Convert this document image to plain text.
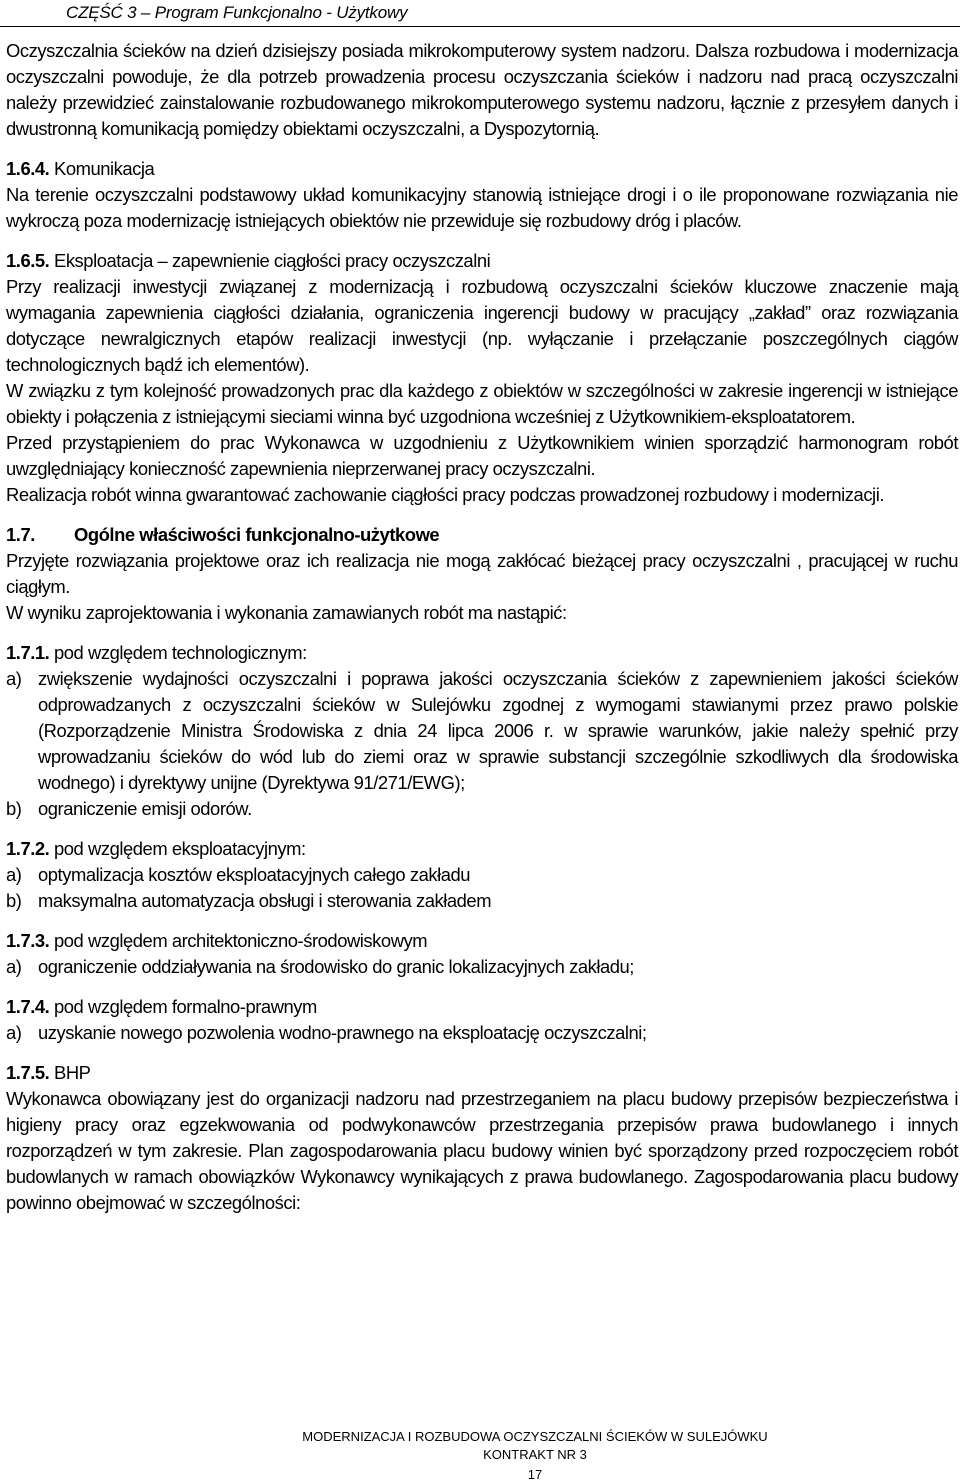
CZĘŚĆ 3 – Program Funkcjonalno - Użytkowy

Oczyszczalnia ścieków na dzień dzisiejszy posiada mikrokomputerowy system nadzoru. Dalsza rozbudowa i modernizacja oczyszczalni powoduje, że dla potrzeb prowadzenia procesu oczyszczania ścieków i nadzoru nad pracą oczyszczalni należy przewidzieć zainstalowanie rozbudowanego mikrokomputerowego systemu nadzoru, łącznie z przesyłem danych i dwustronną komunikacją pomiędzy obiektami oczyszczalni, a Dyspozytornią.

1.6.4. Komunikacja

Na terenie oczyszczalni podstawowy układ komunikacyjny stanowią istniejące drogi i o ile proponowane rozwiązania nie wykroczą poza modernizację istniejących obiektów nie przewiduje się rozbudowy dróg i placów.

1.6.5. Eksploatacja – zapewnienie ciągłości pracy oczyszczalni

Przy realizacji inwestycji związanej z modernizacją i rozbudową oczyszczalni ścieków kluczowe znaczenie mają wymagania zapewnienia ciągłości działania, ograniczenia ingerencji budowy w pracujący „zakład” oraz rozwiązania dotyczące newralgicznych etapów realizacji inwestycji (np. wyłączanie i przełączanie poszczególnych ciągów technologicznych bądź ich elementów).

W związku z tym kolejność prowadzonych prac dla każdego z obiektów w szczególności w zakresie ingerencji w istniejące obiekty i połączenia z istniejącymi sieciami winna być uzgodniona wcześniej z Użytkownikiem-eksploatatorem.

Przed przystąpieniem do prac Wykonawca w uzgodnieniu z Użytkownikiem winien sporządzić harmonogram robót uwzględniający konieczność zapewnienia nieprzerwanej pracy oczyszczalni.

Realizacja robót winna gwarantować zachowanie ciągłości pracy podczas prowadzonej rozbudowy i modernizacji.

1.7. Ogólne właściwości funkcjonalno-użytkowe

Przyjęte rozwiązania projektowe oraz ich realizacja nie mogą zakłócać bieżącej pracy oczyszczalni , pracującej w ruchu ciągłym.

W wyniku zaprojektowania i wykonania zamawianych robót ma nastąpić:

1.7.1. pod względem technologicznym:

a) zwiększenie wydajności oczyszczalni i poprawa jakości oczyszczania ścieków z zapewnieniem jakości ścieków odprowadzanych z oczyszczalni ścieków w Sulejówku zgodnej z wymogami stawianymi przez prawo polskie (Rozporządzenie Ministra Środowiska z dnia 24 lipca 2006 r. w sprawie warunków, jakie należy spełnić przy wprowadzaniu ścieków do wód lub do ziemi oraz w sprawie substancji szczególnie szkodliwych dla środowiska wodnego) i dyrektywy unijne (Dyrektywa 91/271/EWG);

b) ograniczenie emisji odorów.

1.7.2. pod względem eksploatacyjnym:

a) optymalizacja kosztów eksploatacyjnych całego zakładu

b) maksymalna automatyzacja obsługi i sterowania zakładem

1.7.3. pod względem architektoniczno-środowiskowym

a) ograniczenie oddziaływania na środowisko do granic lokalizacyjnych zakładu;

1.7.4. pod względem formalno-prawnym

a) uzyskanie nowego pozwolenia wodno-prawnego na eksploatację oczyszczalni;

1.7.5. BHP

Wykonawca obowiązany jest do organizacji nadzoru nad przestrzeganiem na placu budowy przepisów bezpieczeństwa i higieny pracy oraz egzekwowania od podwykonawców przestrzegania przepisów prawa budowlanego i innych rozporządzeń w tym zakresie. Plan zagospodarowania placu budowy winien być sporządzony przed rozpoczęciem robót budowlanych w ramach obowiązków Wykonawcy wynikających z prawa budowlanego. Zagospodarowania placu budowy powinno obejmować w szczególności:

MODERNIZACJA I ROZBUDOWA OCZYSZCZALNI ŚCIEKÓW W SULEJÓWKU
KONTRAKT NR 3
17
